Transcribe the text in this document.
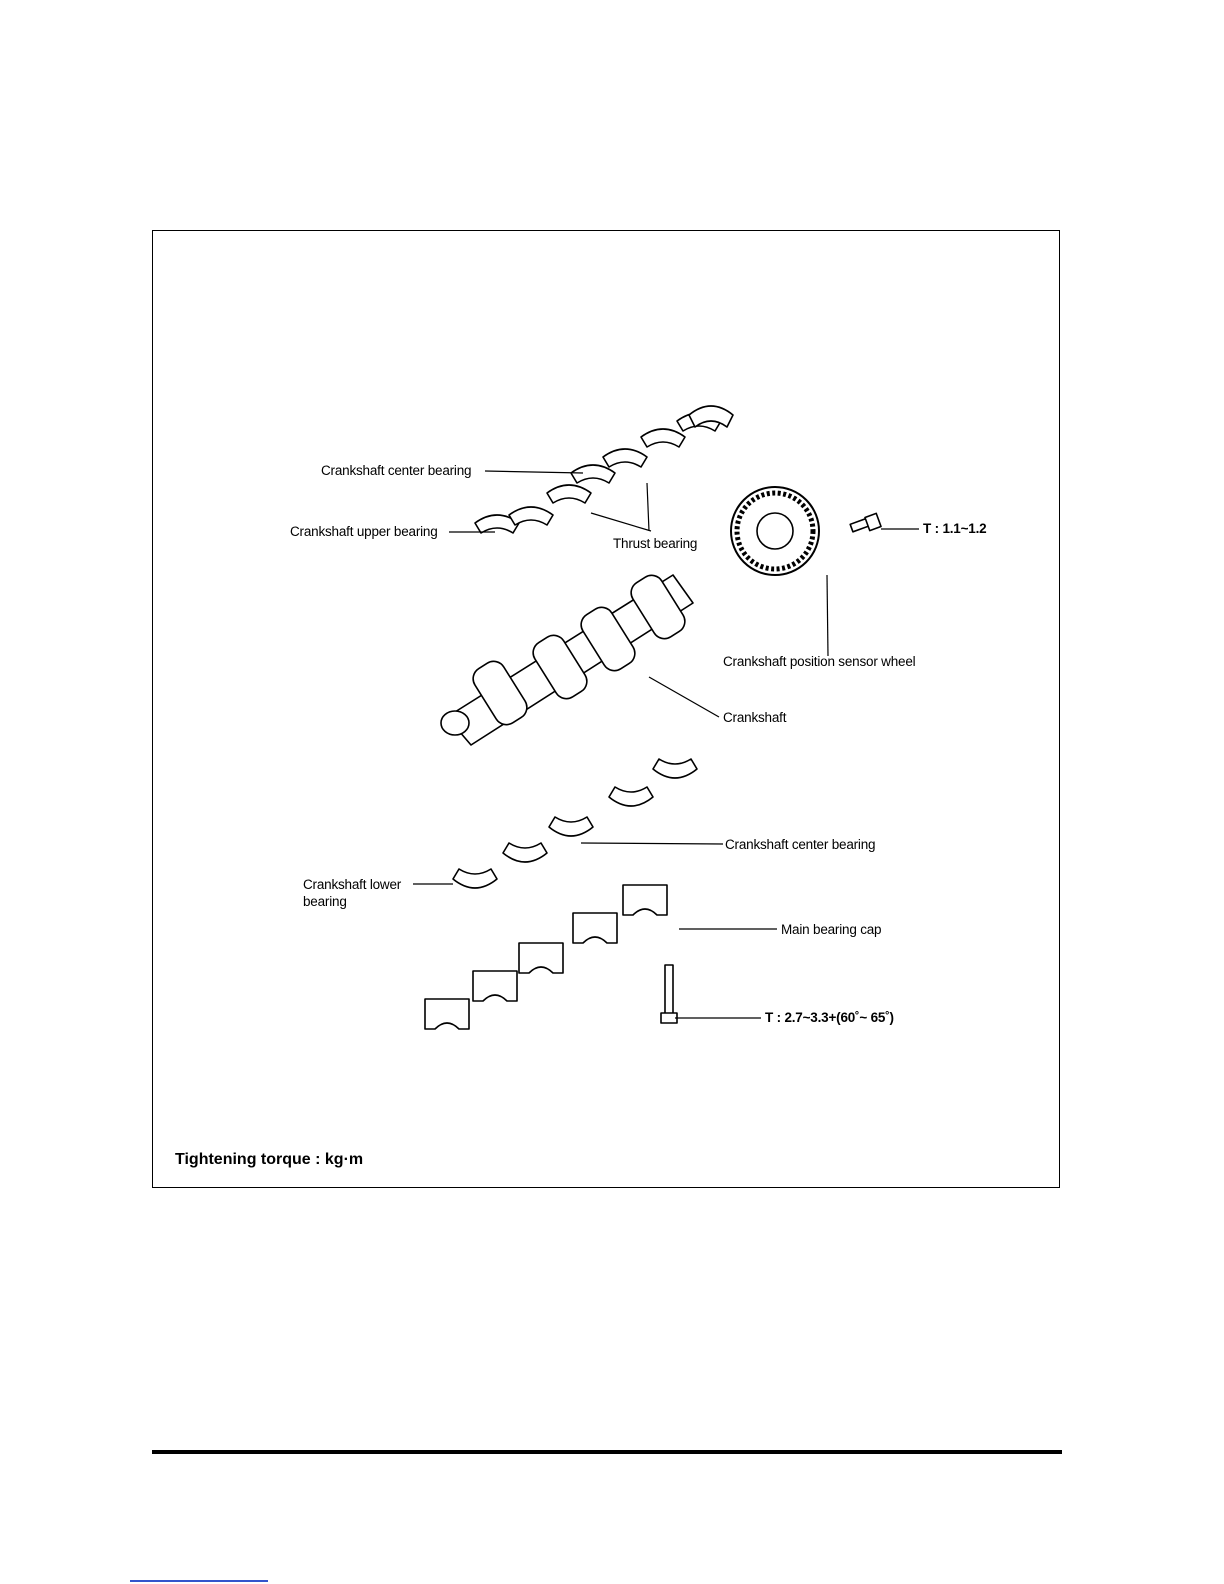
Crankshaft center bearing
Crankshaft upper bearing
Thrust bearing
T : 1.1~1.2
Crankshaft position sensor wheel
Crankshaft
Crankshaft center bearing
Crankshaft lower
bearing
Main bearing cap
T : 2.7~3.3+(60˚~ 65˚)
Tightening torque : kg·m
